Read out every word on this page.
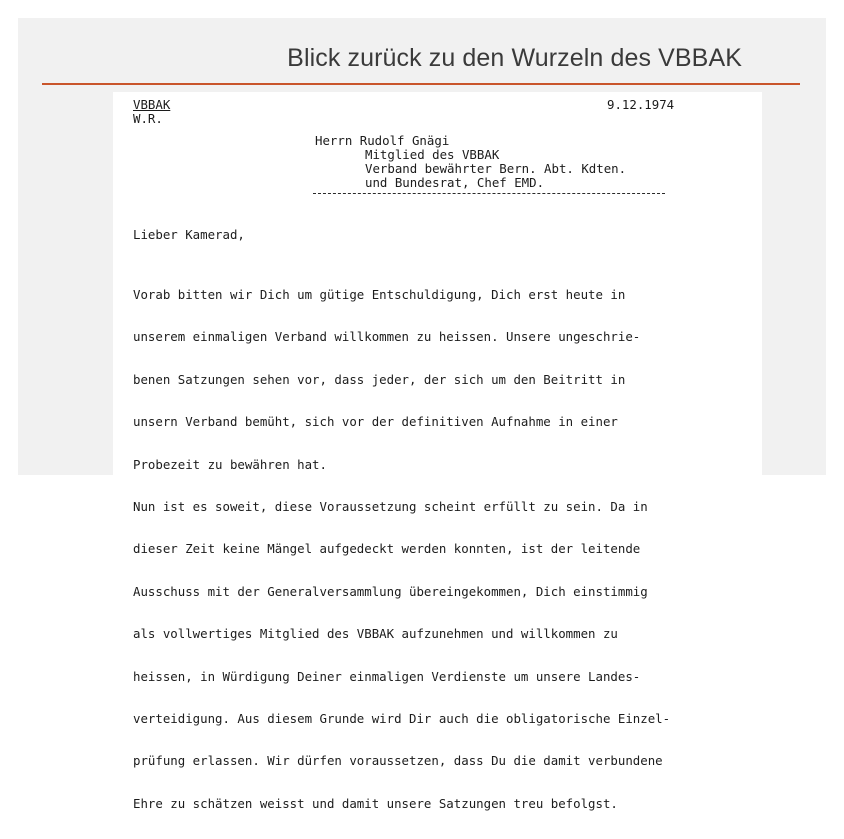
Blick zurück zu den Wurzeln des VBBAK
VBBAK
W.R.
9.12.1974
Herrn Rudolf Gnägi
Mitglied des VBBAK
Verband bewährter Bern. Abt. Kdten.
und Bundesrat, Chef EMD.
Lieber Kamerad,

Vorab bitten wir Dich um gütige Entschuldigung, Dich erst heute in

unserem einmaligen Verband willkommen zu heissen. Unsere ungeschrie-

benen Satzungen sehen vor, dass jeder, der sich um den Beitritt in

unsern Verband bemüht, sich vor der definitiven Aufnahme in einer

Probezeit zu bewähren hat.

Nun ist es soweit, diese Voraussetzung scheint erfüllt zu sein. Da in

dieser Zeit keine Mängel aufgedeckt werden konnten, ist der leitende

Ausschuss mit der Generalversammlung übereingekommen, Dich einstimmig

als vollwertiges Mitglied des VBBAK aufzunehmen und willkommen zu

heissen, in Würdigung Deiner einmaligen Verdienste um unsere Landes-

verteidigung. Aus diesem Grunde wird Dir auch die obligatorische Einzel-

prüfung erlassen. Wir dürfen voraussetzen, dass Du die damit verbundene

Ehre zu schätzen weisst und damit unsere Satzungen treu befolgst.
